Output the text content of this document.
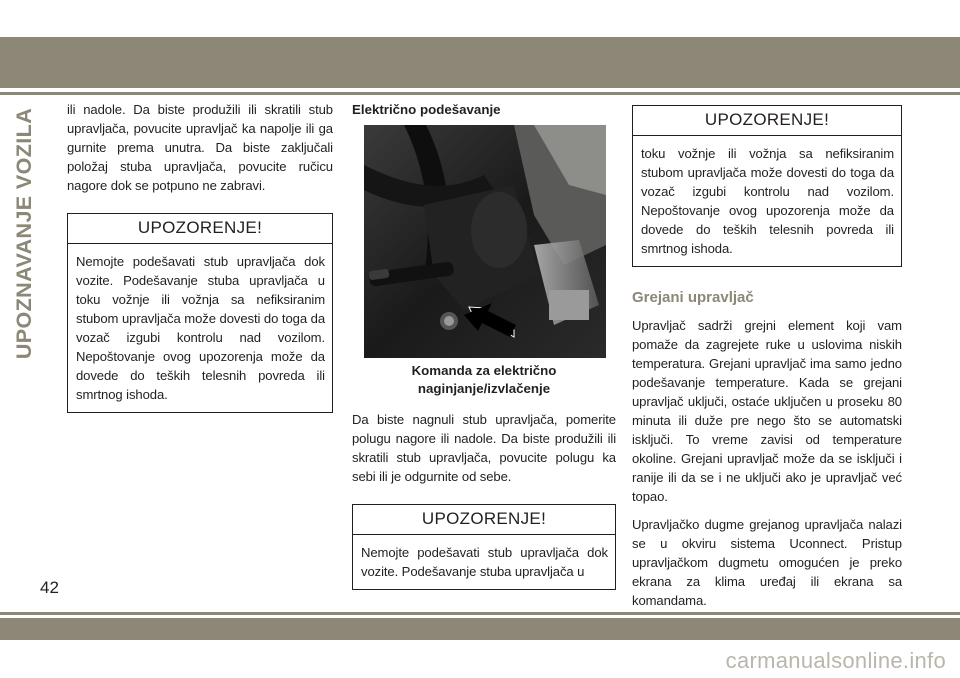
UPOZNAVANJE VOZILA ili nadole. Da biste produžili ili skratili stub upravljača, povucite upravljač ka napolje ili ga gurnite prema unutra. Da biste zaključali položaj stuba upravljača, povucite ručicu nagore dok se potpuno ne zabravi.

UPOZORENJE!
Nemojte podešavati stub upravljača dok vozite. Podešavanje stuba upravljača u toku vožnje ili vožnja sa nefiksiranim stubom upravljača može dovesti do toga da vozač izgubi kontrolu nad vozilom. Nepoštovanje ovog upozorenja može da dovede do teških telesnih povreda ili smrtnog ishoda.

Električno podešavanje

Komanda za električno naginjanje/izvlačenje

Da biste nagnuli stub upravljača, pomerite polugu nagore ili nadole. Da biste produžili ili skratili stub upravljača, povucite polugu ka sebi ili je odgurnite od sebe.

UPOZORENJE!
Nemojte podešavati stub upravljača dok vozite. Podešavanje stuba upravljača u
UPOZORENJE!
toku vožnje ili vožnja sa nefiksiranim stubom upravljača može dovesti do toga da vozač izgubi kontrolu nad vozilom. Nepoštovanje ovog upozorenja može da dovede do teških telesnih povreda ili smrtnog ishoda.
Grejani upravljač

Upravljač sadrži grejni element koji vam pomaže da zagrejete ruke u uslovima niskih temperatura. Grejani upravljač ima samo jedno podešavanje temperature. Kada se grejani upravljač uključi, ostaće uključen u proseku 80 minuta ili duže pre nego što se automatski isključi. To vreme zavisi od temperature okoline. Grejani upravljač može da se isključi i ranije ili da se i ne uključi ako je upravljač već topao.

Upravljačko dugme grejanog upravljača nalazi se u okviru sistema Uconnect. Pristup upravljačkom dugmetu omogućen je preko ekrana za klima uređaj ili ekrana sa komandama.

42
carmanualsonline.info
